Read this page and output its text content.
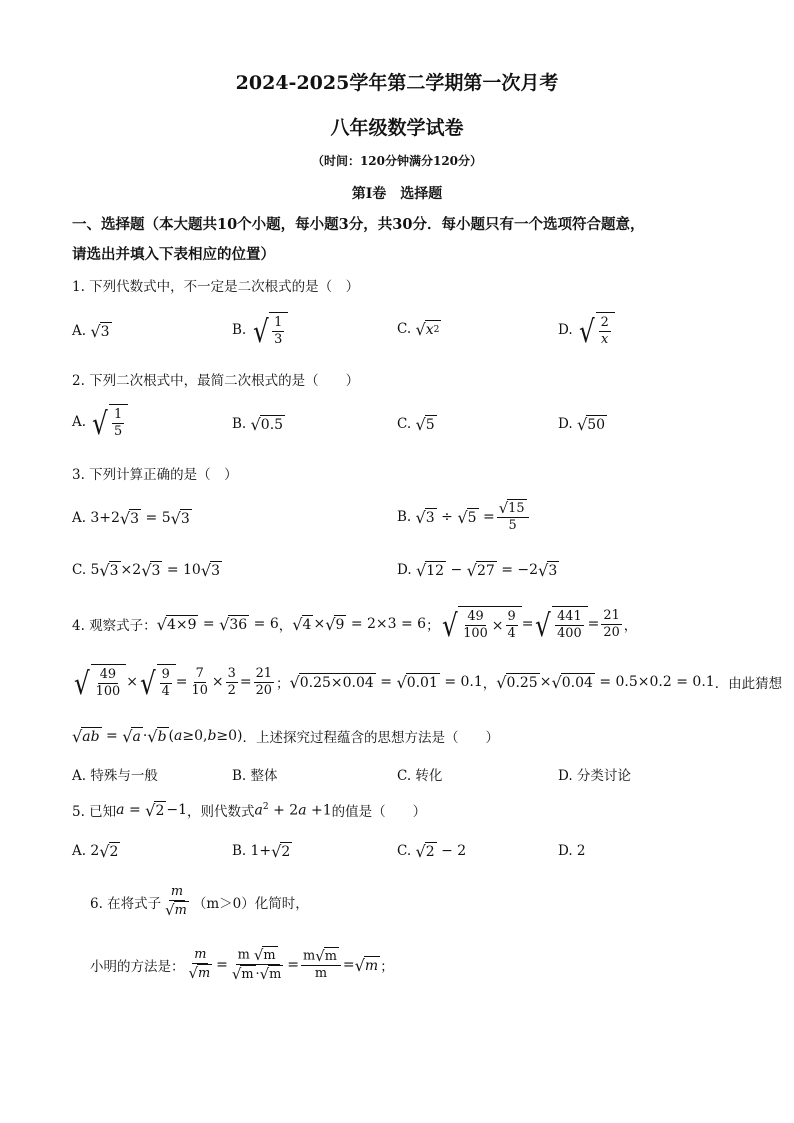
2024-2025学年第二学期第一次月考
八年级数学试卷
（时间：120分钟满分120分）
第Ⅰ卷　选择题
一、选择题（本大题共10个小题，每小题3分，共30分．每小题只有一个选项符合题意，
请选出并填入下表相应的位置）
1. 下列代数式中，不一定是二次根式的是（　）
A.
√ 3	B.
√ $\frac{1}{3}$	C.
√ x 2	D.
√ $\frac{2}{x}$
2. 下列二次根式中，最简二次根式的是（　　）
A.
√ $\frac{1}{5}$	B.
√ 0.5	C.
√ 5	D.
√ 50
3. 下列计算正确的是（　）
A.
3+2 √ 3 = 5 √ 3	B.
√ 3 ÷ √ $5 = \frac{√ 15}{5}$
C.
5 √ 3 ×2 √ 3 = 10 √ 3	D.
√ 12 − √ 27 = −2 √ 3
4. 观察式子： √ 4×9 = √ 36 = 6 ， √ 4 × √ 9 = 2×3 = 6 ； √ $\frac{49}{100} \times \frac{9}{4}$ = √ $\frac{441}{400} = \frac{21}{20}$ ，
√ $\frac{49}{100}$ × √ $\frac{9}{4} = \frac{7}{10} \times \frac{3}{2} = \frac{21}{20}$ ； √ 0.25×0.04 = √ 0.01 = 0.1 ， √ 0.25 × √ 0.04 = 0.5×0.2 = 0.1 ．由此猜想
√ ab = √ a · √ b (a≥0,b≥0) ．上述探究过程蕴含的思想方法是（　　）
A. 特殊与一般	B. 整体	C. 转化	D. 分类讨论
5. 已知 a = √ 2 −1 ，则代数式 $a^2 + 2a +1$ 的值是（　　）
A.
2 √ 2	B.
1+ √ 2	C.
√ 2 − 2	D. 2
6. 在将式子 $\frac{m}{√ m}$ （ m＞0）化简时，
小明的方法是： $\frac{m}{√ m} = \frac{m √ m}{√ m \cdot √ m} = \frac{m √ m}{m}$ = √ m ；
